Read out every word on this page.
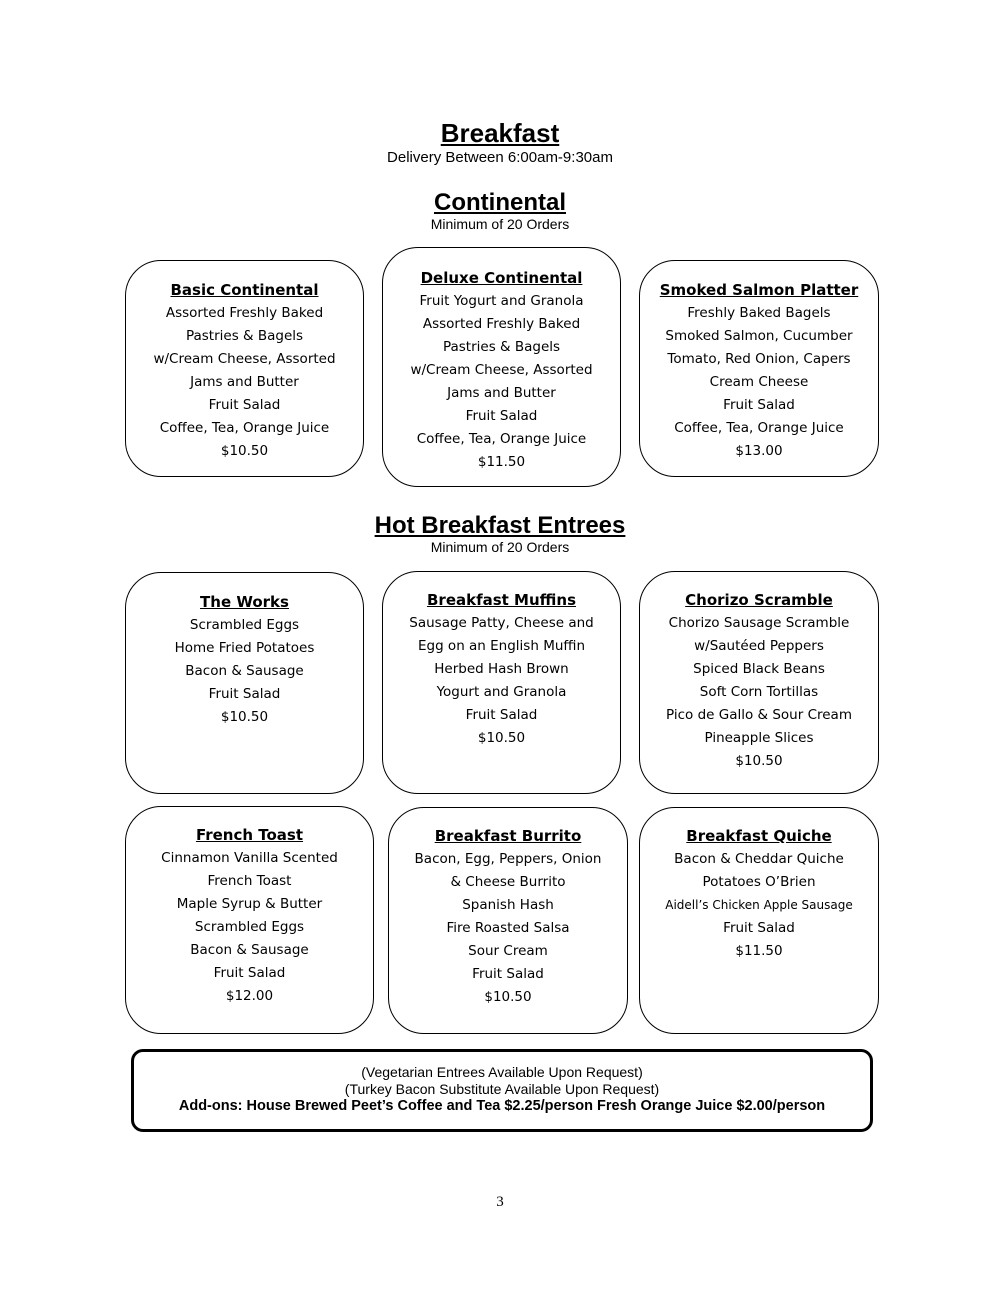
Breakfast
Delivery Between 6:00am-9:30am
Continental
Minimum of 20 Orders
Basic Continental
Assorted Freshly Baked
Pastries & Bagels
w/Cream Cheese, Assorted
Jams and Butter
Fruit Salad
Coffee, Tea, Orange Juice
$10.50
Deluxe Continental
Fruit Yogurt and Granola
Assorted Freshly Baked
Pastries & Bagels
w/Cream Cheese, Assorted
Jams and Butter
Fruit Salad
Coffee, Tea, Orange Juice
$11.50
Smoked Salmon Platter
Freshly Baked Bagels
Smoked Salmon, Cucumber
Tomato, Red Onion, Capers
Cream Cheese
Fruit Salad
Coffee, Tea, Orange Juice
$13.00
Hot Breakfast Entrees
Minimum of 20 Orders
The Works
Scrambled Eggs
Home Fried Potatoes
Bacon & Sausage
Fruit Salad
$10.50
Breakfast Muffins
Sausage Patty, Cheese and
Egg on an English Muffin
Herbed Hash Brown
Yogurt and Granola
Fruit Salad
$10.50
Chorizo Scramble
Chorizo Sausage Scramble
w/Sautéed Peppers
Spiced Black Beans
Soft Corn Tortillas
Pico de Gallo & Sour Cream
Pineapple Slices
$10.50
French Toast
Cinnamon Vanilla Scented
French Toast
Maple Syrup & Butter
Scrambled Eggs
Bacon & Sausage
Fruit Salad
$12.00
Breakfast Burrito
Bacon, Egg, Peppers, Onion
& Cheese Burrito
Spanish Hash
Fire Roasted Salsa
Sour Cream
Fruit Salad
$10.50
Breakfast Quiche
Bacon & Cheddar Quiche
Potatoes O’Brien
Aidell’s Chicken Apple Sausage
Fruit Salad
$11.50
(Vegetarian Entrees Available Upon Request)
(Turkey Bacon Substitute Available Upon Request)
Add-ons: House Brewed Peet’s Coffee and Tea $2.25/person Fresh Orange Juice $2.00/person
3
